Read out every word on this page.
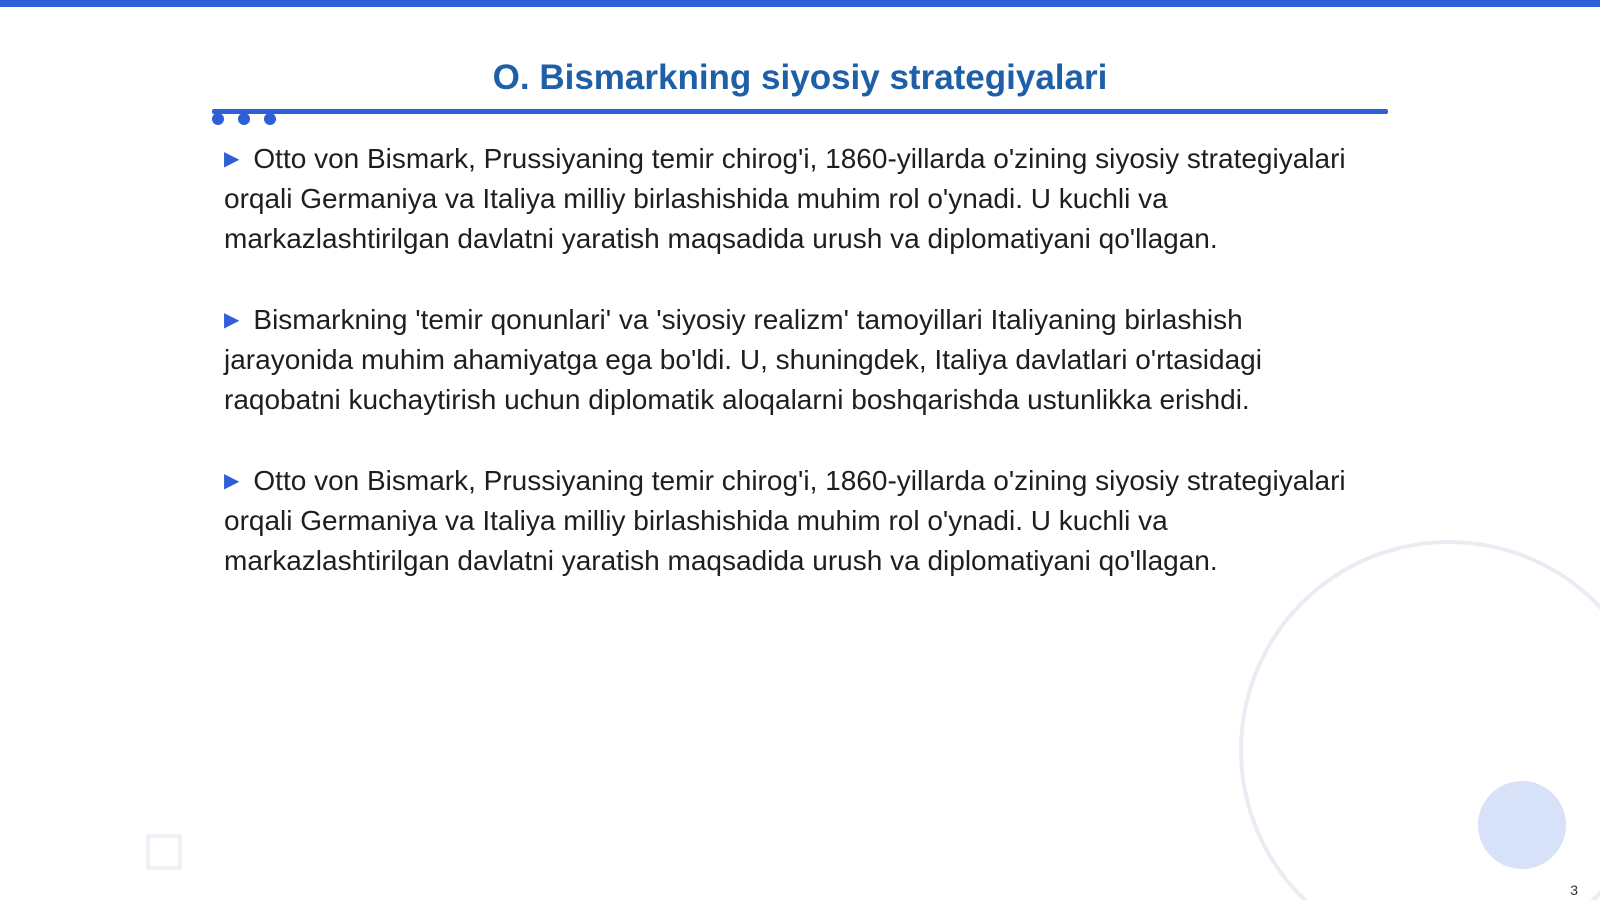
O. Bismarkning siyosiy strategiyalari
▶ Otto von Bismark, Prussiyaning temir chirog'i, 1860-yillarda o'zining siyosiy strategiyalari orqali Germaniya va Italiya milliy birlashishida muhim rol o'ynadi. U kuchli va markazlashtirilgan davlatni yaratish maqsadida urush va diplomatiyani qo'llagan.
▶ Bismarkning 'temir qonunlari' va 'siyosiy realizm' tamoyillari Italiyaning birlashish jarayonida muhim ahamiyatga ega bo'ldi. U, shuningdek, Italiya davlatlari o'rtasidagi raqobatni kuchaytirish uchun diplomatik aloqalarni boshqarishda ustunlikka erishdi.
▶ Otto von Bismark, Prussiyaning temir chirog'i, 1860-yillarda o'zining siyosiy strategiyalari orqali Germaniya va Italiya milliy birlashishida muhim rol o'ynadi. U kuchli va markazlashtirilgan davlatni yaratish maqsadida urush va diplomatiyani qo'llagan.
3
